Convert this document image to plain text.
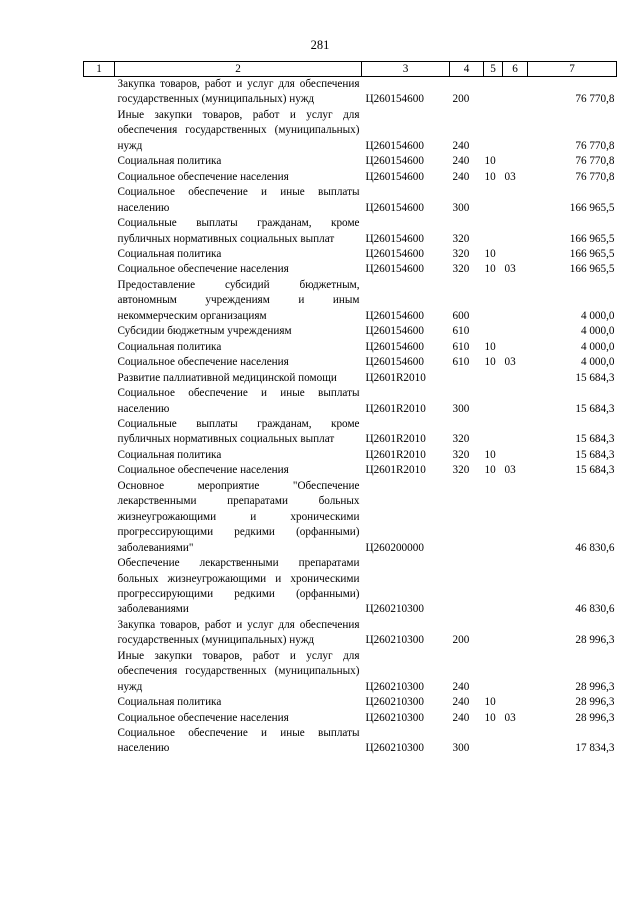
281
1	2	3	4	5	6	7
	Закупка товаров, работ и услуг для обеспечения государственных (муниципальных) нужд	Ц260154600	200			76 770,8
	Иные закупки товаров, работ и услуг для обеспечения государственных (муниципальных) нужд	Ц260154600	240			76 770,8
	Социальная политика	Ц260154600	240	10		76 770,8
	Социальное обеспечение населения	Ц260154600	240	10	03	76 770,8
	Социальное обеспечение и иные выплаты населению	Ц260154600	300			166 965,5
	Социальные выплаты гражданам, кроме публичных нормативных социальных выплат	Ц260154600	320			166 965,5
	Социальная политика	Ц260154600	320	10		166 965,5
	Социальное обеспечение населения	Ц260154600	320	10	03	166 965,5
	Предоставление субсидий бюджетным, автономным учреждениям и иным некоммерческим организациям	Ц260154600	600			4 000,0
	Субсидии бюджетным учреждениям	Ц260154600	610			4 000,0
	Социальная политика	Ц260154600	610	10		4 000,0
	Социальное обеспечение населения	Ц260154600	610	10	03	4 000,0
	Развитие паллиативной медицинской помощи	Ц2601R2010				15 684,3
	Социальное обеспечение и иные выплаты населению	Ц2601R2010	300			15 684,3
	Социальные выплаты гражданам, кроме публичных нормативных социальных выплат	Ц2601R2010	320			15 684,3
	Социальная политика	Ц2601R2010	320	10		15 684,3
	Социальное обеспечение населения	Ц2601R2010	320	10	03	15 684,3
	Основное мероприятие "Обеспечение лекарственными препаратами больных жизнеугрожающими и хроническими прогрессирующими редкими (орфанными) заболеваниями"	Ц260200000				46 830,6
	Обеспечение лекарственными препаратами больных жизнеугрожающими и хроническими прогрессирующими редкими (орфанными) заболеваниями	Ц260210300				46 830,6
	Закупка товаров, работ и услуг для обеспечения государственных (муниципальных) нужд	Ц260210300	200			28 996,3
	Иные закупки товаров, работ и услуг для обеспечения государственных (муниципальных) нужд	Ц260210300	240			28 996,3
	Социальная политика	Ц260210300	240	10		28 996,3
	Социальное обеспечение населения	Ц260210300	240	10	03	28 996,3
	Социальное обеспечение и иные выплаты населению	Ц260210300	300			17 834,3
